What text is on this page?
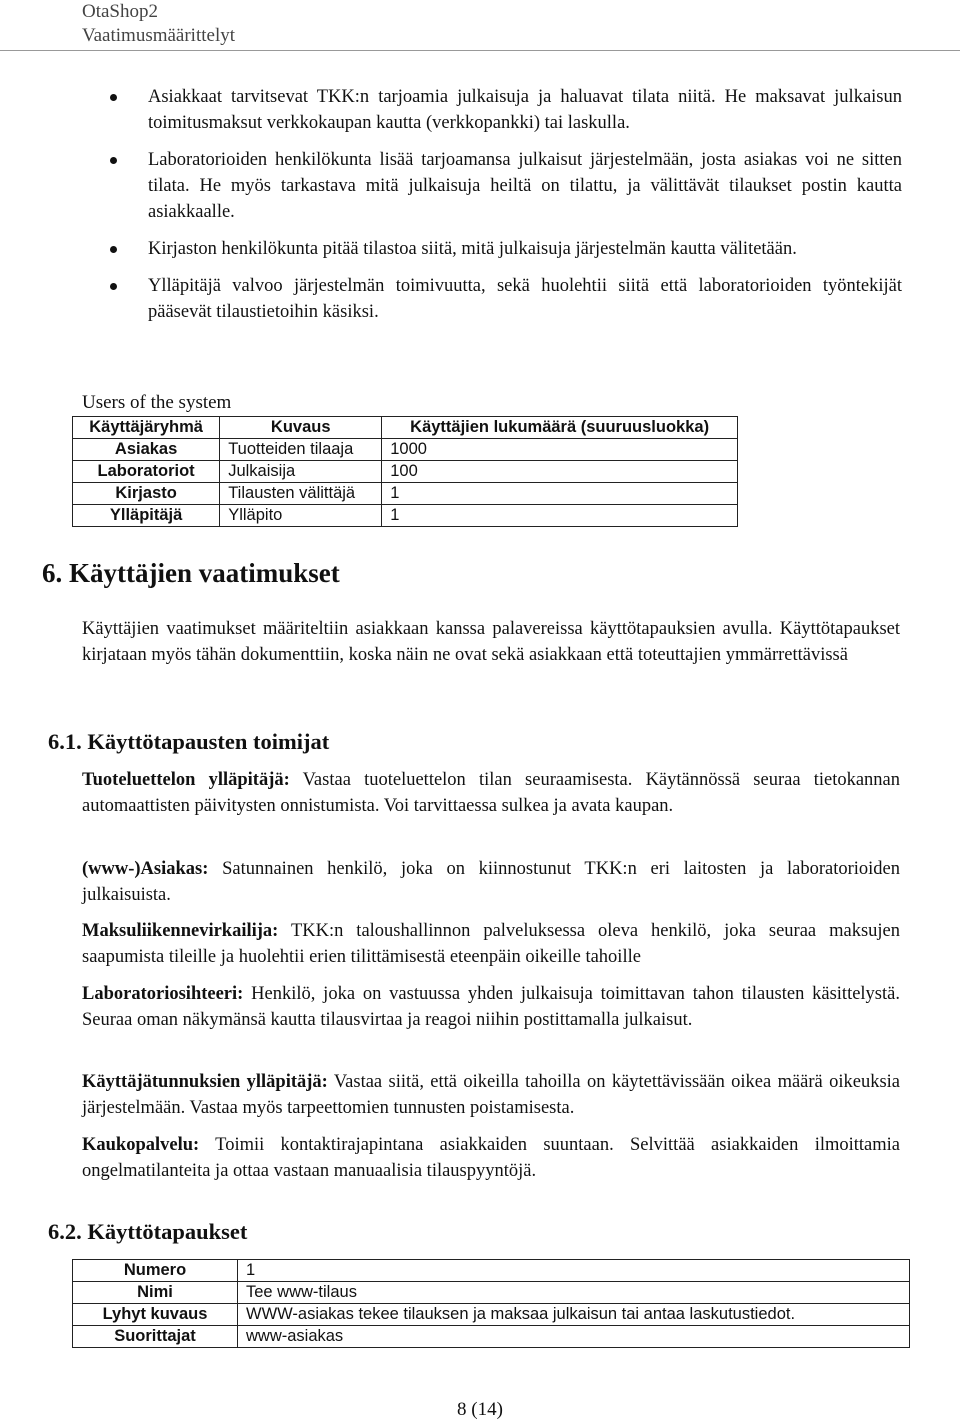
OtaShop2
Vaatimusmäärittelyt
Asiakkaat tarvitsevat TKK:n tarjoamia julkaisuja ja haluavat tilata niitä. He maksavat julkaisun toimitusmaksut verkkokaupan kautta (verkkopankki) tai laskulla.
Laboratorioiden henkilökunta lisää tarjoamansa julkaisut järjestelmään, josta asiakas voi ne sitten tilata. He myös tarkastava mitä julkaisuja heiltä on tilattu, ja välittävät tilaukset postin kautta asiakkaalle.
Kirjaston henkilökunta pitää tilastoa siitä, mitä julkaisuja järjestelmän kautta välitetään.
Ylläpitäjä valvoo järjestelmän toimivuutta, sekä huolehtii siitä että laboratorioiden työntekijät pääsevät tilaustietoihin käsiksi.
Users of the system
Käyttäjäryhmä	Kuvaus	Käyttäjien lukumäärä (suuruusluokka)
Asiakas	Tuotteiden tilaaja	1000
Laboratoriot	Julkaisija	100
Kirjasto	Tilausten välittäjä	1
Ylläpitäjä	Ylläpito	1
6. Käyttäjien vaatimukset

Käyttäjien vaatimukset määriteltiin asiakkaan kanssa palavereissa käyttötapauksien avulla. Käyttötapaukset kirjataan myös tähän dokumenttiin, koska näin ne ovat sekä asiakkaan että toteuttajien ymmärrettävissä

6.1. Käyttötapausten toimijat

Tuoteluettelon ylläpitäjä: Vastaa tuoteluettelon tilan seuraamisesta. Käytännössä seuraa tietokannan automaattisten päivitysten onnistumista. Voi tarvittaessa sulkea ja avata kaupan.

(www-)Asiakas: Satunnainen henkilö, joka on kiinnostunut TKK:n eri laitosten ja laboratorioiden julkaisuista.

Maksuliikennevirkailija: TKK:n taloushallinnon palveluksessa oleva henkilö, joka seuraa maksujen saapumista tileille ja huolehtii erien tilittämisestä eteenpäin oikeille tahoille

Laboratoriosihteeri: Henkilö, joka on vastuussa yhden julkaisuja toimittavan tahon tilausten käsittelystä. Seuraa oman näkymänsä kautta tilausvirtaa ja reagoi niihin postittamalla julkaisut.

Käyttäjätunnuksien ylläpitäjä: Vastaa siitä, että oikeilla tahoilla on käytettävissään oikea määrä oikeuksia järjestelmään. Vastaa myös tarpeettomien tunnusten poistamisesta.

Kaukopalvelu: Toimii kontaktirajapintana asiakkaiden suuntaan. Selvittää asiakkaiden ilmoittamia ongelmatilanteita ja ottaa vastaan manuaalisia tilauspyyntöjä.

6.2. Käyttötapaukset
Numero	1
Nimi	Tee www-tilaus
Lyhyt kuvaus	WWW-asiakas tekee tilauksen ja maksaa julkaisun tai antaa laskutustiedot.
Suorittajat	www-asiakas
8 (14)
